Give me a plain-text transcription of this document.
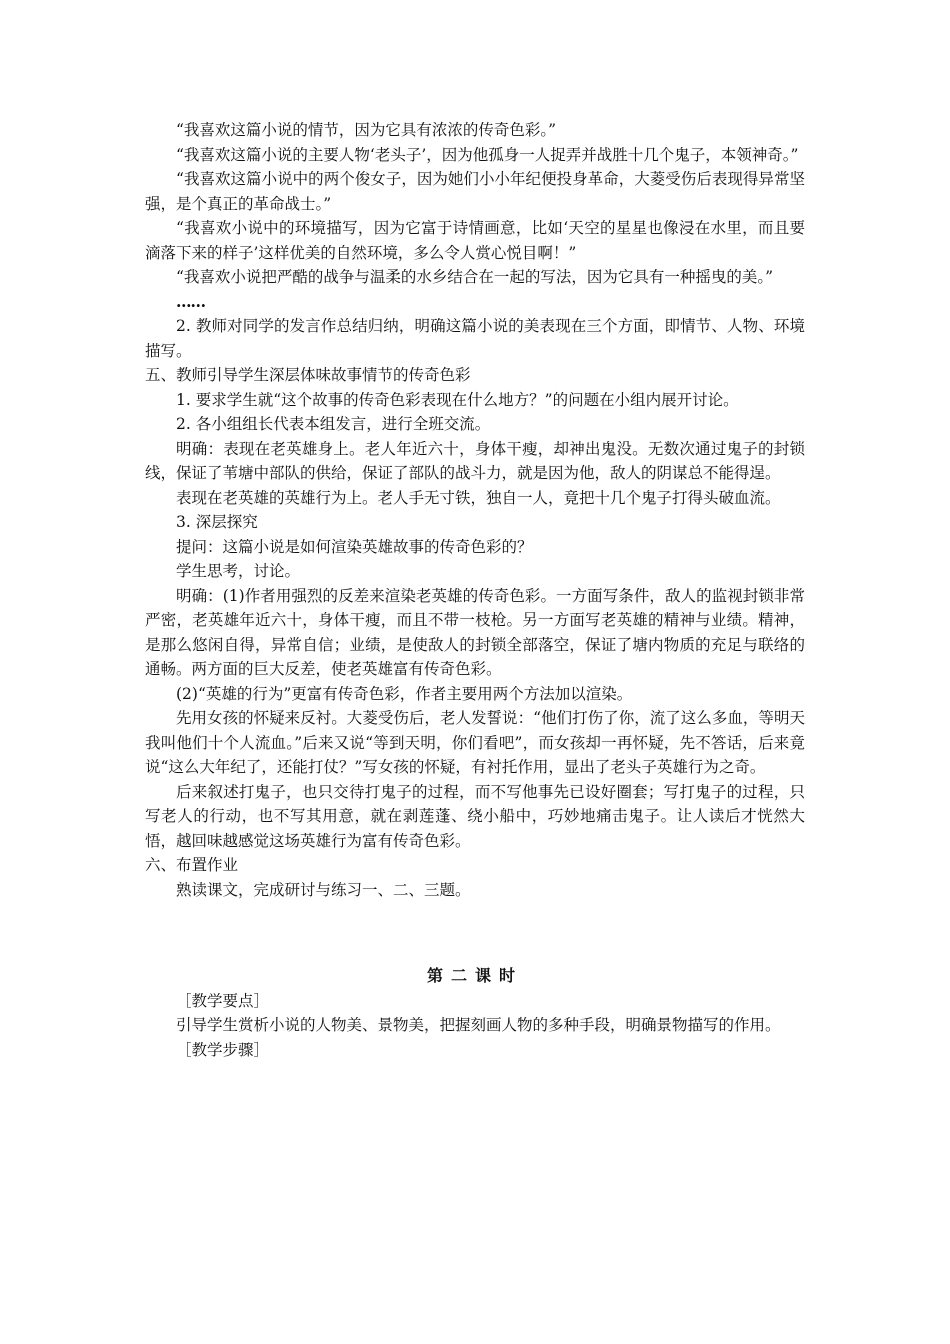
“我喜欢这篇小说的情节，因为它具有浓浓的传奇色彩。”

“我喜欢这篇小说的主要人物‘老头子’，因为他孤身一人捉弄并战胜十几个鬼子，本领神奇。”

“我喜欢这篇小说中的两个俊女子，因为她们小小年纪便投身革命，大菱受伤后表现得异常坚强，是个真正的革命战士。”

“我喜欢小说中的环境描写，因为它富于诗情画意，比如‘天空的星星也像浸在水里，而且要滴落下来的样子’这样优美的自然环境，多么令人赏心悦目啊！”

“我喜欢小说把严酷的战争与温柔的水乡结合在一起的写法，因为它具有一种摇曳的美。”

……

2. 教师对同学的发言作总结归纳，明确这篇小说的美表现在三个方面，即情节、人物、环境描写。

五、教师引导学生深层体味故事情节的传奇色彩

1. 要求学生就“这个故事的传奇色彩表现在什么地方？”的问题在小组内展开讨论。

2. 各小组组长代表本组发言，进行全班交流。

明确：表现在老英雄身上。老人年近六十，身体干瘦，却神出鬼没。无数次通过鬼子的封锁线，保证了苇塘中部队的供给，保证了部队的战斗力，就是因为他，敌人的阴谋总不能得逞。

表现在老英雄的英雄行为上。老人手无寸铁，独自一人，竟把十几个鬼子打得头破血流。

3. 深层探究

提问：这篇小说是如何渲染英雄故事的传奇色彩的？

学生思考，讨论。

明确：(1)作者用强烈的反差来渲染老英雄的传奇色彩。一方面写条件，敌人的监视封锁非常严密，老英雄年近六十，身体干瘦，而且不带一枝枪。另一方面写老英雄的精神与业绩。精神，是那么悠闲自得，异常自信；业绩，是使敌人的封锁全部落空，保证了塘内物质的充足与联络的通畅。两方面的巨大反差，使老英雄富有传奇色彩。

(2)“英雄的行为”更富有传奇色彩，作者主要用两个方法加以渲染。

先用女孩的怀疑来反衬。大菱受伤后，老人发誓说：“他们打伤了你，流了这么多血，等明天我叫他们十个人流血。”后来又说“等到天明，你们看吧”，而女孩却一再怀疑，先不答话，后来竟说“这么大年纪了，还能打仗？”写女孩的怀疑，有衬托作用，显出了老头子英雄行为之奇。

后来叙述打鬼子，也只交待打鬼子的过程，而不写他事先已设好圈套；写打鬼子的过程，只写老人的行动，也不写其用意，就在剥莲蓬、绕小船中，巧妙地痛击鬼子。让人读后才恍然大悟，越回味越感觉这场英雄行为富有传奇色彩。

六、布置作业

熟读课文，完成研讨与练习一、二、三题。

第二课时

［教学要点］

引导学生赏析小说的人物美、景物美，把握刻画人物的多种手段，明确景物描写的作用。

［教学步骤］
